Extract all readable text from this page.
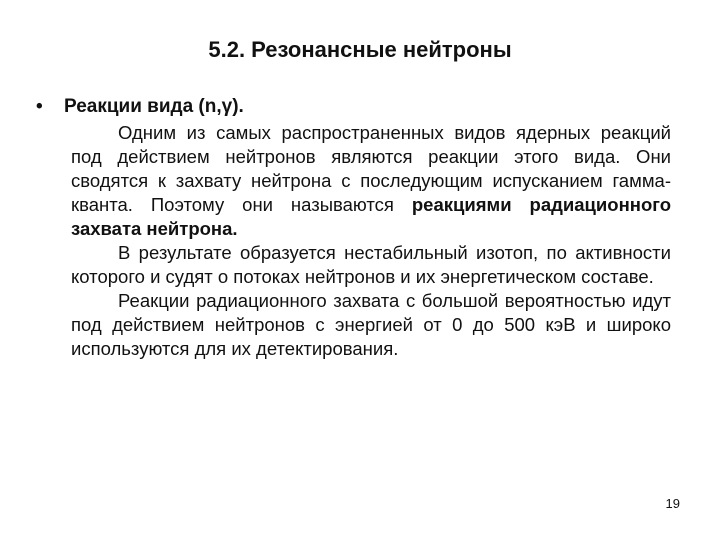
5.2. Резонансные нейтроны
• Реакции вида (n,γ).

Одним из самых распространенных видов ядерных реакций под действием нейтронов являются реакции этого вида. Они сводятся к захвату нейтрона с последующим испусканием гамма-кванта. Поэтому они называются реакциями радиационного захвата нейтрона.

В результате образуется нестабильный изотоп, по активности которого и судят о потоках нейтронов и их энергетическом составе.

Реакции радиационного захвата с большой вероятностью идут под действием нейтронов с энергией от 0 до 500 кэВ и широко используются для их детектирования.

19
